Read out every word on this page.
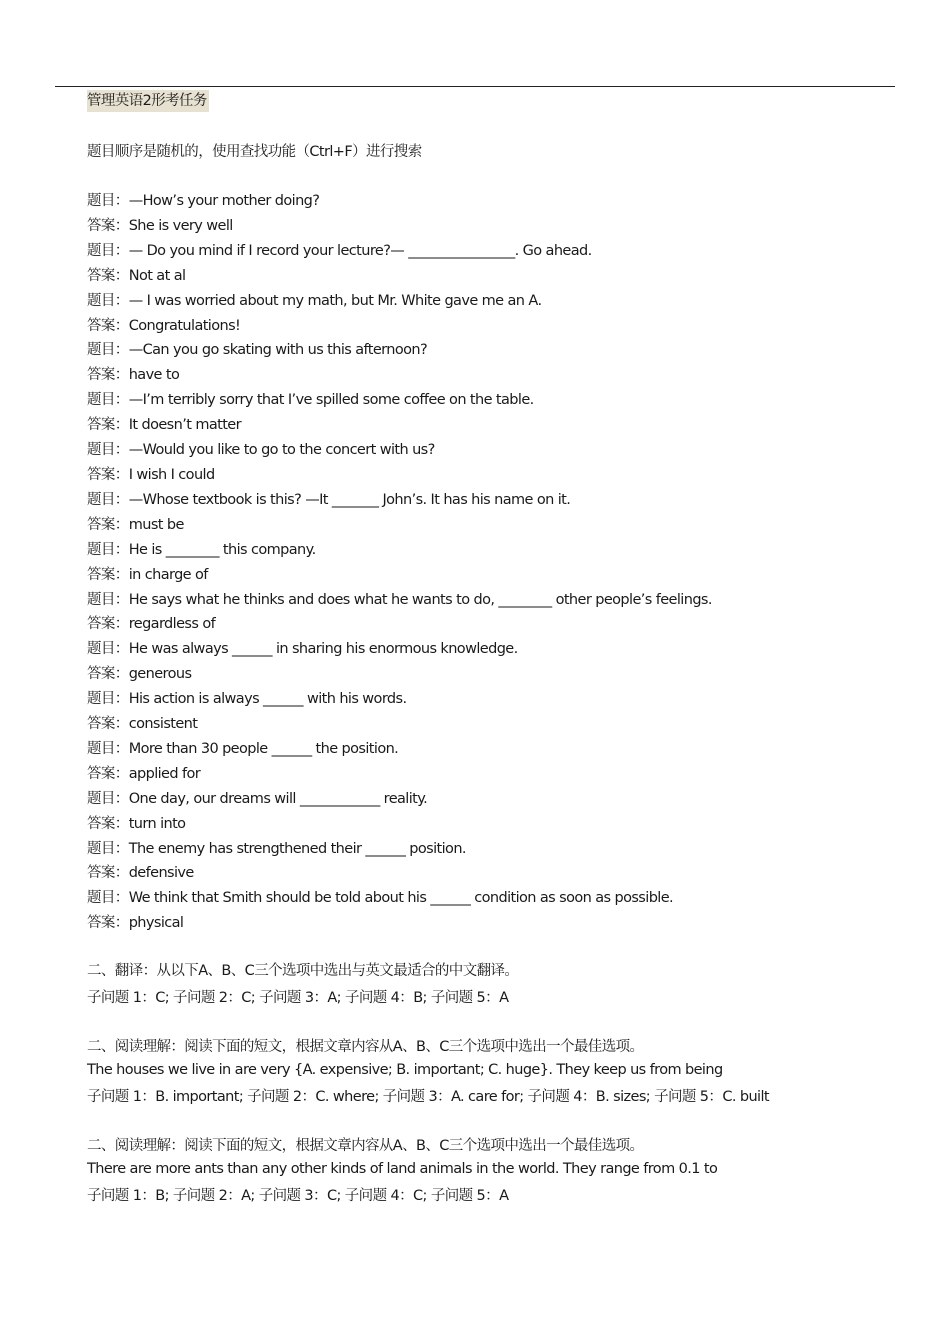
管理英语2形考任务
题目顺序是随机的，使用查找功能（Ctrl+F）进行搜索
题目：—How’s your mother doing?
答案：She is very well
题目：— Do you mind if I record your lecture?— ________________. Go ahead.
答案：Not at al
题目：— I was worried about my math, but Mr. White gave me an A.
答案：Congratulations!
题目：—Can you go skating with us this afternoon?
答案：have to
题目：—I’m terribly sorry that I’ve spilled some coffee on the table.
答案：It doesn’t matter
题目：—Would you like to go to the concert with us?
答案：I wish I could
题目：—Whose textbook is this? —It _______ John’s. It has his name on it.
答案：must be
题目：He is ________ this company.
答案：in charge of
题目：He says what he thinks and does what he wants to do, ________ other people’s feelings.
答案：regardless of
题目：He was always ______ in sharing his enormous knowledge.
答案：generous
题目：His action is always ______ with his words.
答案：consistent
题目：More than 30 people ______ the position.
答案：applied for
题目：One day, our dreams will ____________ reality.
答案：turn into
题目：The enemy has strengthened their ______ position.
答案：defensive
题目：We think that Smith should be told about his ______ condition as soon as possible.
答案：physical
二、翻译：从以下A、B、C三个选项中选出与英文最适合的中文翻译。
子问题 1：C; 子问题 2：C; 子问题 3：A; 子问题 4：B; 子问题 5：A
二、阅读理解：阅读下面的短文，根据文章内容从A、B、C三个选项中选出一个最佳选项。
The houses we live in are very {A. expensive; B. important; C. huge}. They keep us from being
子问题 1：B. important; 子问题 2：C. where; 子问题 3：A. care for; 子问题 4：B. sizes; 子问题 5：C. built
二、阅读理解：阅读下面的短文，根据文章内容从A、B、C三个选项中选出一个最佳选项。
There are more ants than any other kinds of land animals in the world. They range from 0.1 to
子问题 1：B; 子问题 2：A; 子问题 3：C; 子问题 4：C; 子问题 5：A
